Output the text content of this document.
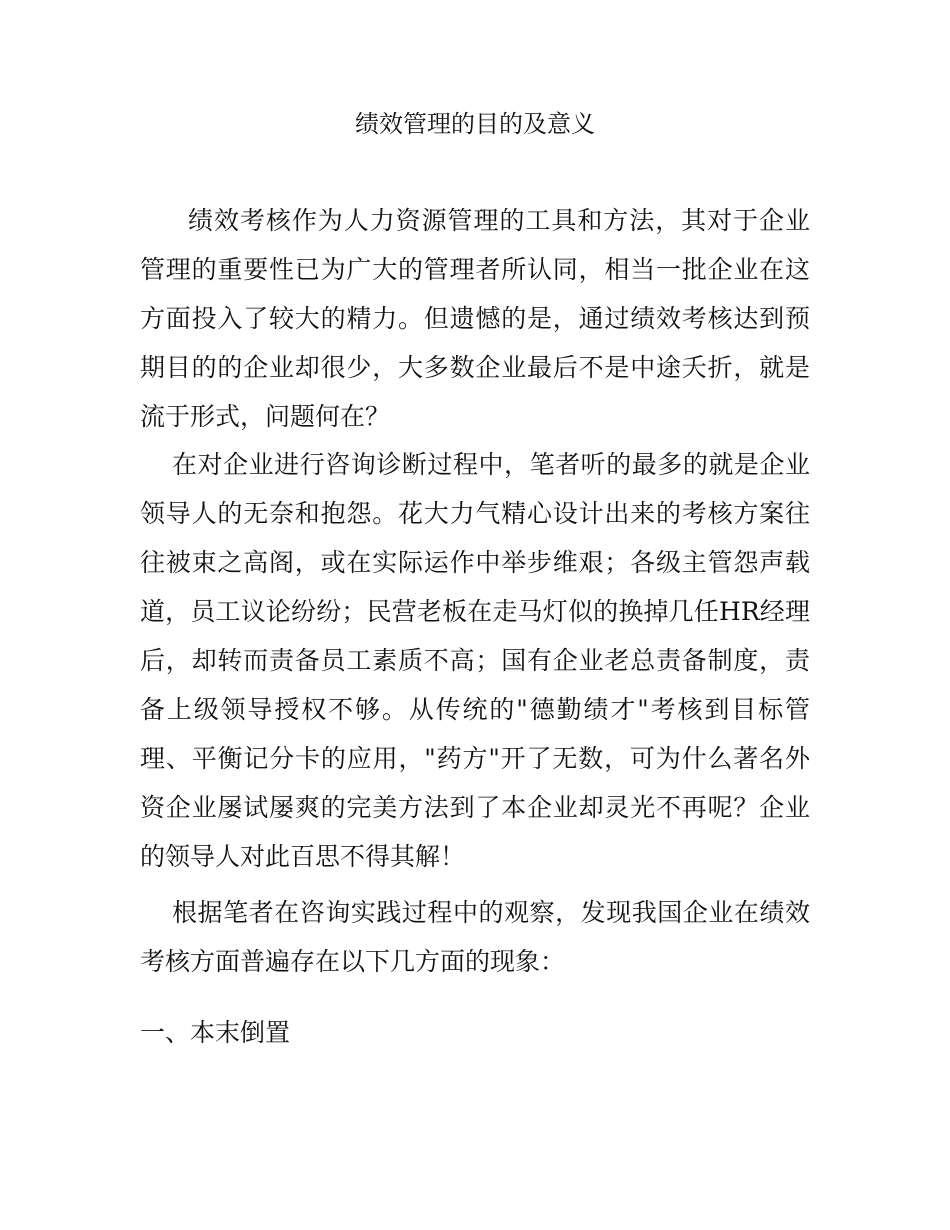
绩效管理的目的及意义

绩效考核作为人力资源管理的工具和方法，其对于企业管理的重要性已为广大的管理者所认同，相当一批企业在这方面投入了较大的精力。但遗憾的是，通过绩效考核达到预期目的的企业却很少，大多数企业最后不是中途夭折，就是流于形式，问题何在？

在对企业进行咨询诊断过程中，笔者听的最多的就是企业领导人的无奈和抱怨。花大力气精心设计出来的考核方案往往被束之高阁，或在实际运作中举步维艰；各级主管怨声载道，员工议论纷纷；民营老板在走马灯似的换掉几任HR经理后，却转而责备员工素质不高；国有企业老总责备制度，责备上级领导授权不够。从传统的"德勤绩才"考核到目标管理、平衡记分卡的应用，"药方"开了无数，可为什么著名外资企业屡试屡爽的完美方法到了本企业却灵光不再呢？企业的领导人对此百思不得其解！

根据笔者在咨询实践过程中的观察，发现我国企业在绩效考核方面普遍存在以下几方面的现象：

一、本末倒置
